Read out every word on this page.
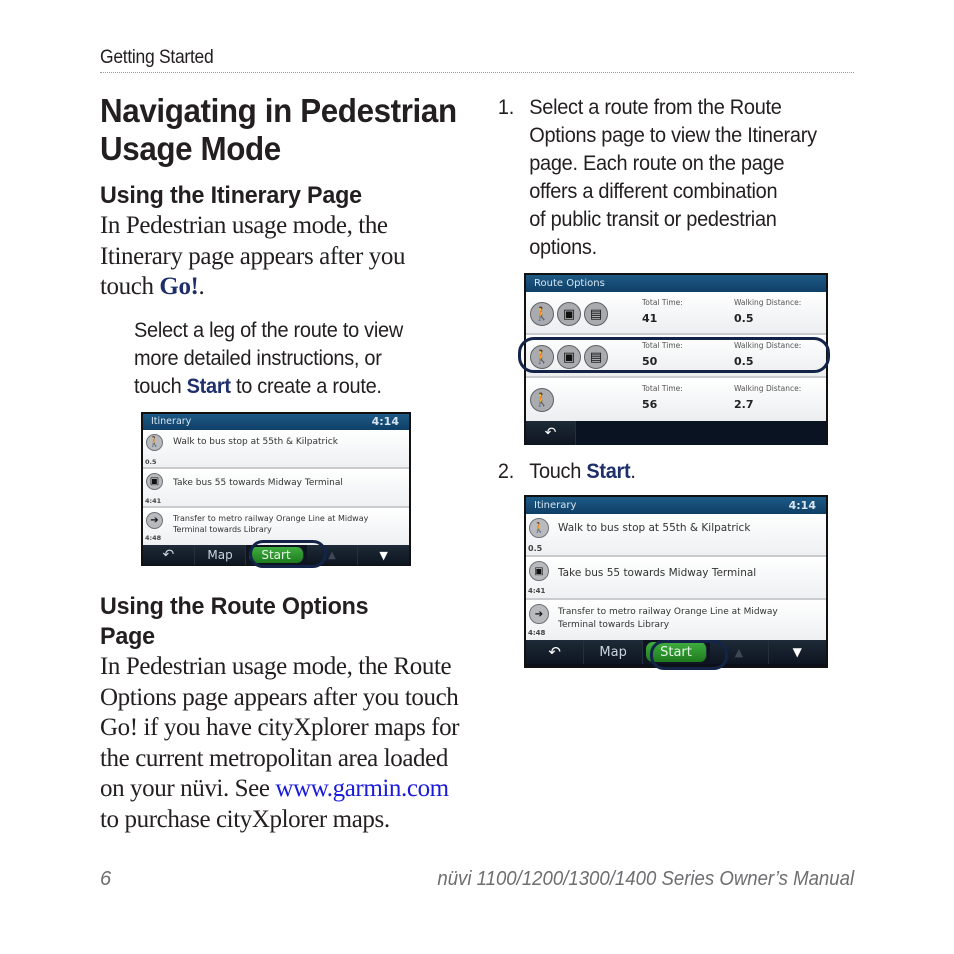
Getting Started
Navigating in Pedestrian
Usage Mode
Using the Itinerary Page
In Pedestrian usage mode, the
Itinerary page appears after you
touch Go!.
Select a leg of the route to view
more detailed instructions, or
touch Start to create a route.
Itinerary	4:14
🚶 Walk to bus stop at 55th & Kilpatrick
0.5
▣	Take bus 55 towards Midway Terminal
4:41
➔	Transfer to metro railway Orange Line at Midway
Terminal towards Library
4:48
↶	Map	Start	▲	▼
Using the Route Options
Page
In Pedestrian usage mode, the Route
Options page appears after you touch
Go! if you have cityXplorer maps for
the current metropolitan area loaded
on your nüvi. See www.garmin.com
to purchase cityXplorer maps.
1. Select a route from the Route
Options page to view the Itinerary
page. Each route on the page
offers a different combination
of public transit or pedestrian
options.
Route Options
🚶 ▣	▤
Total Time:
41
Walking Distance:
0.5
🚶 ▣	▤
Total Time:
50
Walking Distance:
0.5
🚶
Total Time:
56
Walking Distance:
2.7
↶
2. Touch Start.
Itinerary	4:14
🚶	Walk to bus stop at 55th & Kilpatrick
0.5
▣	Take bus 55 towards Midway Terminal
4:41
➔	Transfer to metro railway Orange Line at Midway
Terminal towards Library
4:48
↶	Map	Start	▲	▼
6	nüvi 1100/1200/1300/1400 Series Owner’s Manual
